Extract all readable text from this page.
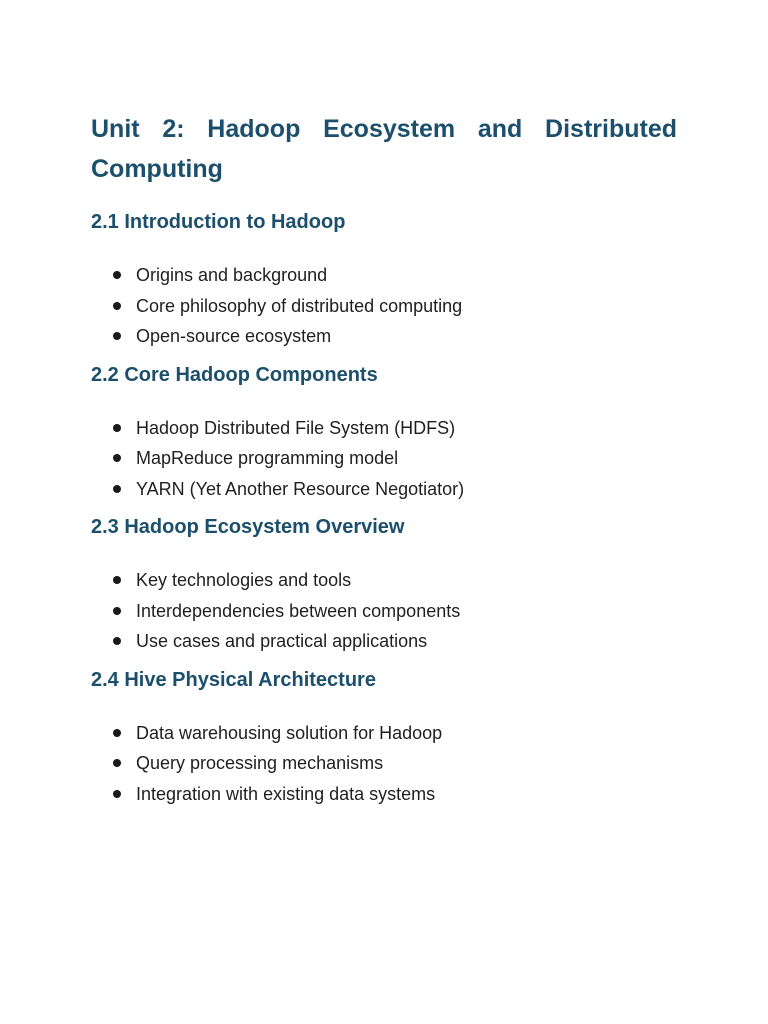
Unit 2: Hadoop Ecosystem and Distributed Computing
2.1 Introduction to Hadoop
Origins and background
Core philosophy of distributed computing
Open-source ecosystem
2.2 Core Hadoop Components
Hadoop Distributed File System (HDFS)
MapReduce programming model
YARN (Yet Another Resource Negotiator)
2.3 Hadoop Ecosystem Overview
Key technologies and tools
Interdependencies between components
Use cases and practical applications
2.4 Hive Physical Architecture
Data warehousing solution for Hadoop
Query processing mechanisms
Integration with existing data systems
